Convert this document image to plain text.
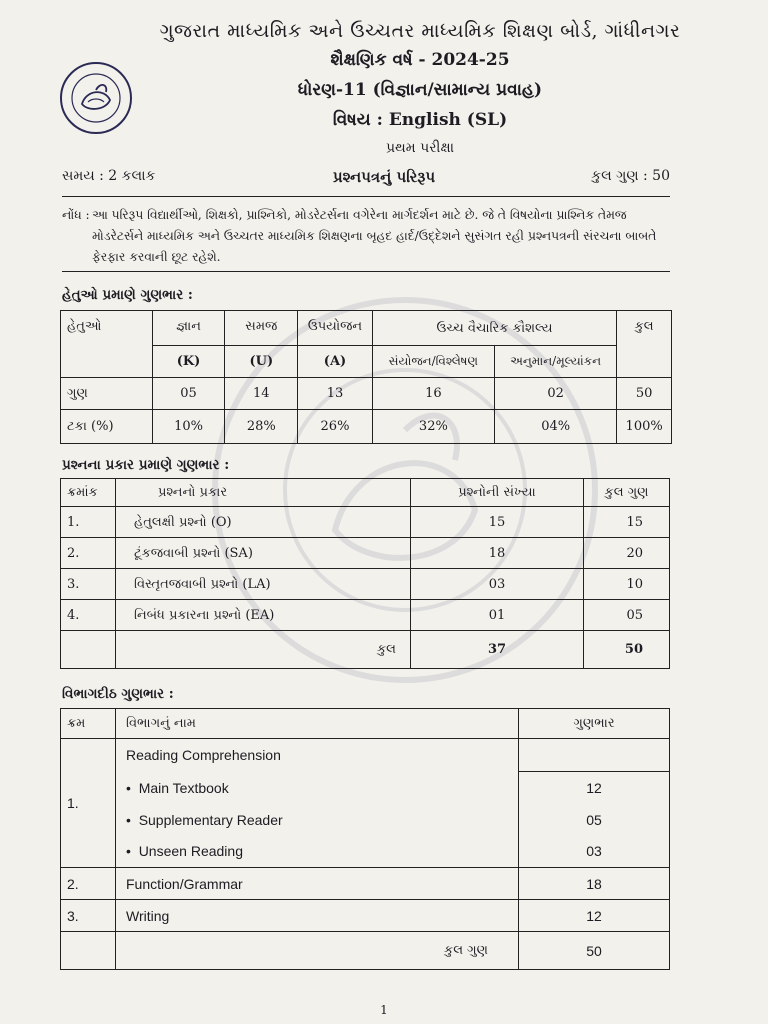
ગુજરાત માધ્યમિક અને ઉચ્ચતર માધ્યમિક શિક્ષણ બોર્ડ, ગાંધીનગર
શૈક્ષણિક વર્ષ - 2024-25
ધોરણ-11 (વિજ્ઞાન/સામાન્ય પ્રવાહ)
વિષય : English (SL)
પ્રથમ પરીક્ષા
સમય : 2 કલાક	પ્રશ્નપત્રનું પરિરૂપ	કુલ ગુણ : 50
નોંધ : આ પરિરૂપ વિદ્યાર્થીઓ, શિક્ષકો, પ્રાશ્નિકો, મોડરેટર્સના વગેરેના માર્ગદર્શન માટે છે. જે તે વિષયોના પ્રાશ્નિક તેમજ મોડરેટર્સને માધ્યમિક અને ઉચ્ચતર માધ્યમિક શિક્ષણના બૃહદ હાર્દ/ઉદ્દેશને સુસંગત રહી પ્રશ્નપત્રની સંરચના બાબતે ફેરફાર કરવાની છૂટ રહેશે.
હેતુઓ પ્રમાણે ગુણભાર :
હેતુઓ	જ્ઞાન	સમજ	ઉપયોજન	ઉચ્ચ વૈચારિક કૌશલ્ય		કુલ
	(K)	(U)	(A)	સંયોજન/વિશ્લેષણ	અનુમાન/મૂલ્યાંકન	
ગુણ	05	14	13	16	02	50
ટકા (%)	10%	28%	26%	32%	04%	100%
પ્રશ્નના પ્રકાર પ્રમાણે ગુણભાર :
ક્રમાંક	પ્રશ્નનો પ્રકાર	પ્રશ્નોની સંખ્યા	કુલ ગુણ
1.	હેતુલક્ષી પ્રશ્નો (O)	15	15
2.	ટૂંકજવાબી પ્રશ્નો (SA)	18	20
3.	વિસ્તૃતજવાબી પ્રશ્નો (LA)	03	10
4.	નિબંધ પ્રકારના પ્રશ્નો (EA)	01	05
	કુલ	37	50
વિભાગદીઠ ગુણભાર :
ક્રમ	વિભાગનું નામ	ગુણભાર
1.	Reading Comprehension	
	•  Main Textbook	12
	•  Supplementary Reader	05
	•  Unseen Reading	03
2.	Function/Grammar	18
3.	Writing	12
	કુલ ગુણ	50
1
